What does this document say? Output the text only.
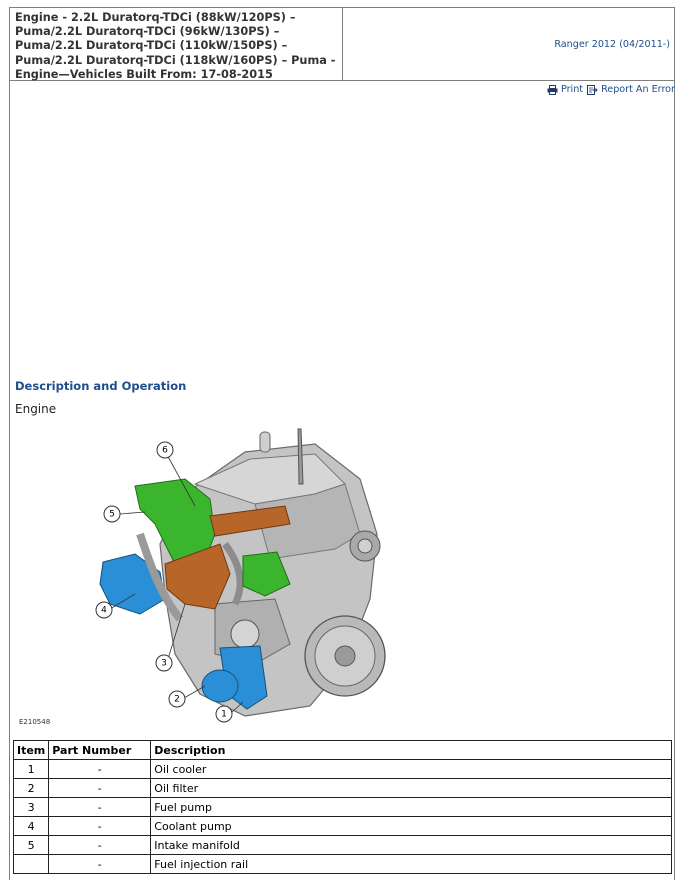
Engine - 2.2L Duratorq-TDCi (88kW/120PS) – Puma/2.2L Duratorq-TDCi (96kW/130PS) – Puma/2.2L Duratorq-TDCi (110kW/150PS) – Puma/2.2L Duratorq-TDCi (118kW/160PS) – Puma - Engine—Vehicles Built From: 17-08-2015
Ranger 2012 (04/2011-)
Print Report An Error
Description and Operation
Engine
6
5
4
3
2
1
E210548
Item	Part Number	Description
1	-	Oil cooler
2	-	Oil filter
3	-	Fuel pump
4	-	Coolant pump
5	-	Intake manifold
	-	Fuel injection rail
